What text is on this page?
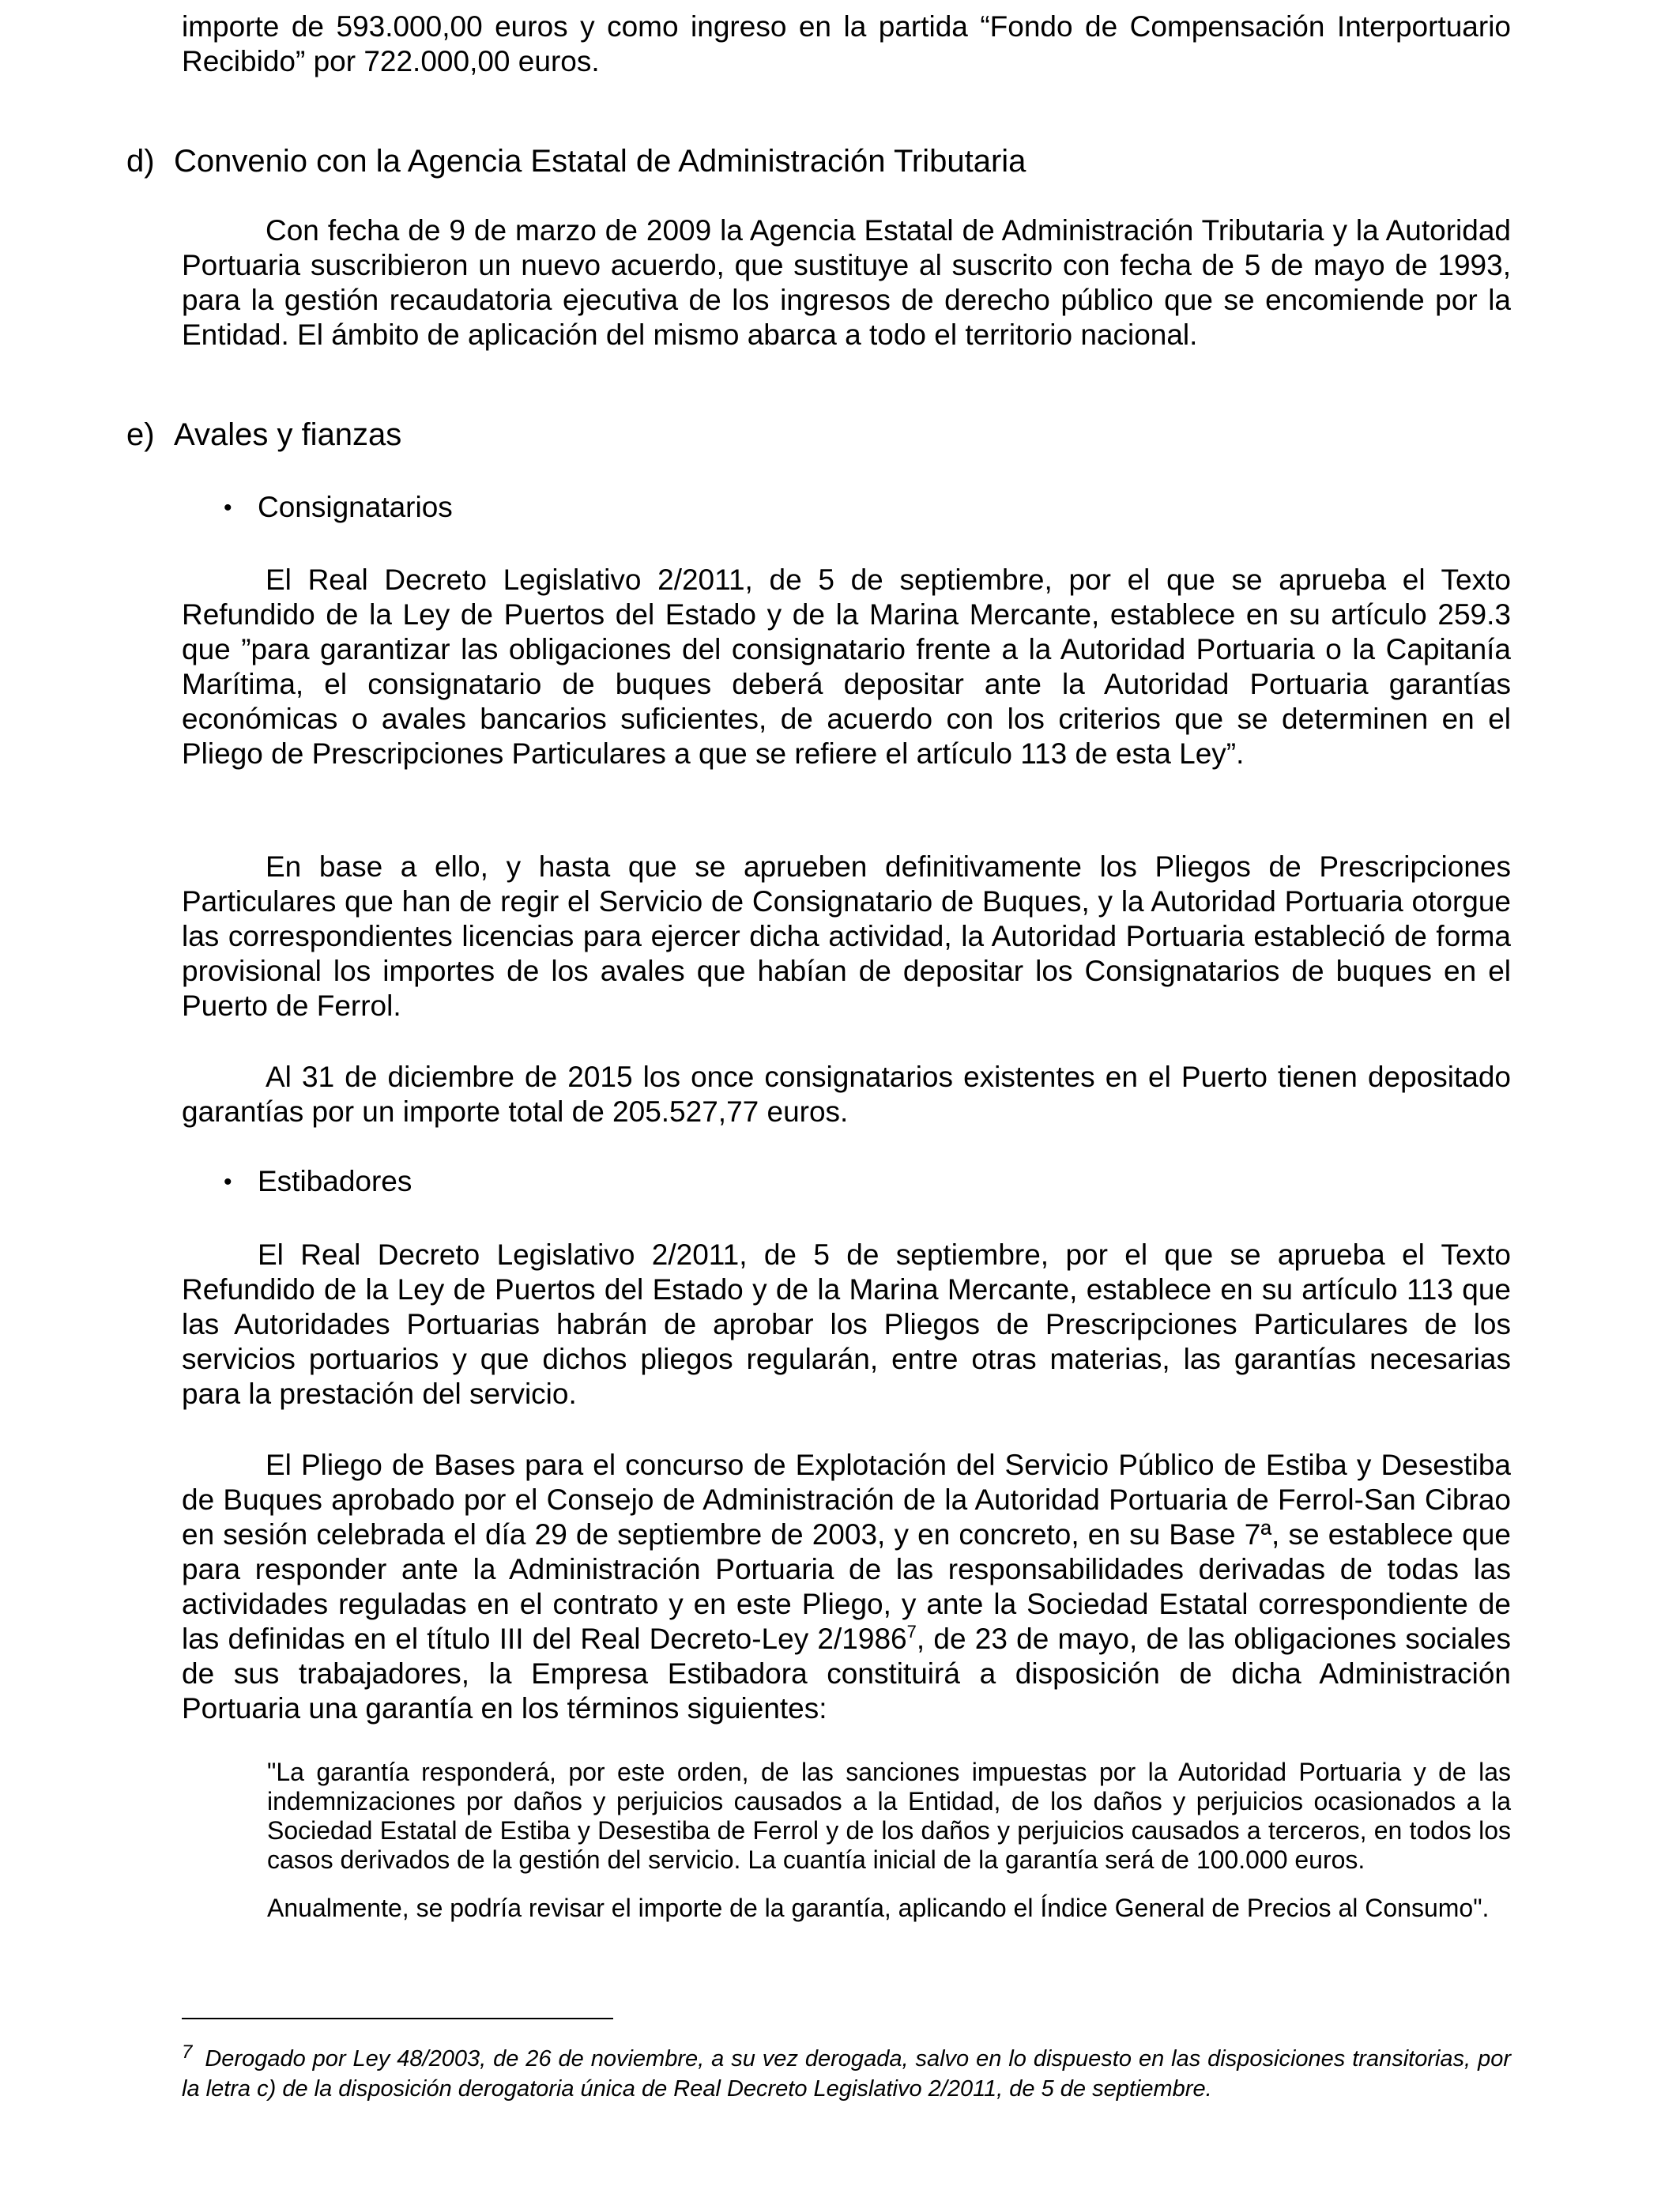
importe de 593.000,00 euros y como ingreso en la partida “Fondo de Compensación Interportuario Recibido” por 722.000,00 euros.

d) Convenio con la Agencia Estatal de Administración Tributaria

Con fecha de 9 de marzo de 2009 la Agencia Estatal de Administración Tributaria y la Autoridad Portuaria suscribieron un nuevo acuerdo, que sustituye al suscrito con fecha de 5 de mayo de 1993, para la gestión recaudatoria ejecutiva de los ingresos de derecho público que se encomiende por la Entidad. El ámbito de aplicación del mismo abarca a todo el territorio nacional.

e) Avales y fianzas

• Consignatarios

El Real Decreto Legislativo 2/2011, de 5 de septiembre, por el que se aprueba el Texto Refundido de la Ley de Puertos del Estado y de la Marina Mercante, establece en su artículo 259.3 que ”para garantizar las obligaciones del consignatario frente a la Autoridad Portuaria o la Capitanía Marítima, el consignatario de buques deberá depositar ante la Autoridad Portuaria garantías económicas o avales bancarios suficientes, de acuerdo con los criterios que se determinen en el Pliego de Prescripciones Particulares a que se refiere el artículo 113 de esta Ley”.

En base a ello, y hasta que se aprueben definitivamente los Pliegos de Prescripciones Particulares que han de regir el Servicio de Consignatario de Buques, y la Autoridad Portuaria otorgue las correspondientes licencias para ejercer dicha actividad, la Autoridad Portuaria estableció de forma provisional los importes de los avales que habían de depositar los Consignatarios de buques en el Puerto de Ferrol.

Al 31 de diciembre de 2015 los once consignatarios existentes en el Puerto tienen depositado garantías por un importe total de 205.527,77 euros.

• Estibadores

El Real Decreto Legislativo 2/2011, de 5 de septiembre, por el que se aprueba el Texto Refundido de la Ley de Puertos del Estado y de la Marina Mercante, establece en su artículo 113 que las Autoridades Portuarias habrán de aprobar los Pliegos de Prescripciones Particulares de los servicios portuarios y que dichos pliegos regularán, entre otras materias, las garantías necesarias para la prestación del servicio.

El Pliego de Bases para el concurso de Explotación del Servicio Público de Estiba y Desestiba de Buques aprobado por el Consejo de Administración de la Autoridad Portuaria de Ferrol-San Cibrao en sesión celebrada el día 29 de septiembre de 2003, y en concreto, en su Base 7ª, se establece que para responder ante la Administración Portuaria de las responsabilidades derivadas de todas las actividades reguladas en el contrato y en este Pliego, y ante la Sociedad Estatal correspondiente de las definidas en el título III del Real Decreto-Ley 2/1986$^7$, de 23 de mayo, de las obligaciones sociales de sus trabajadores, la Empresa Estibadora constituirá a disposición de dicha Administración Portuaria una garantía en los términos siguientes:

"La garantía responderá, por este orden, de las sanciones impuestas por la Autoridad Portuaria y de las indemnizaciones por daños y perjuicios causados a la Entidad, de los daños y perjuicios ocasionados a la Sociedad Estatal de Estiba y Desestiba de Ferrol y de los daños y perjuicios causados a terceros, en todos los casos derivados de la gestión del servicio. La cuantía inicial de la garantía será de 100.000 euros.

Anualmente, se podría revisar el importe de la garantía, aplicando el Índice General de Precios al Consumo".

$^7$ Derogado por Ley 48/2003, de 26 de noviembre, a su vez derogada, salvo en lo dispuesto en las disposiciones transitorias, por la letra c) de la disposición derogatoria única de Real Decreto Legislativo 2/2011, de 5 de septiembre.
